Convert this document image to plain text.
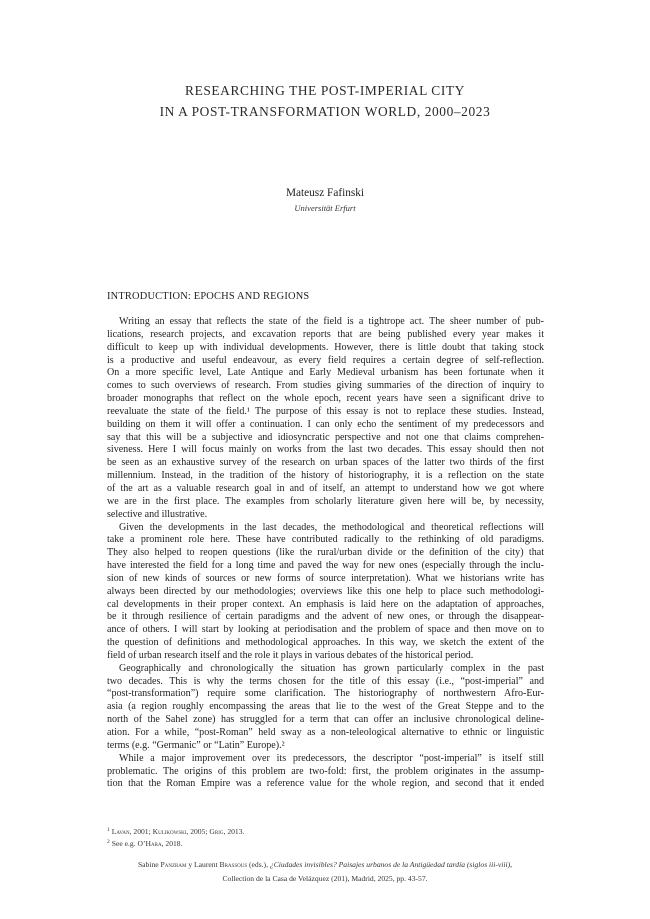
RESEARCHING THE POST-IMPERIAL CITY
IN A POST-TRANSFORMATION WORLD, 2000–2023
Mateusz Fafinski
Universität Erfurt
INTRODUCTION: EPOCHS AND REGIONS
Writing an essay that reflects the state of the field is a tightrope act. The sheer number of pub-
lications, research projects, and excavation reports that are being published every year makes it
difficult to keep up with individual developments. However, there is little doubt that taking stock
is a productive and useful endeavour, as every field requires a certain degree of self-reflection.
On a more specific level, Late Antique and Early Medieval urbanism has been fortunate when it
comes to such overviews of research. From studies giving summaries of the direction of inquiry to
broader monographs that reflect on the whole epoch, recent years have seen a significant drive to
reevaluate the state of the field.¹ The purpose of this essay is not to replace these studies. Instead,
building on them it will offer a continuation. I can only echo the sentiment of my predecessors and
say that this will be a subjective and idiosyncratic perspective and not one that claims comprehen-
siveness. Here I will focus mainly on works from the last two decades. This essay should then not
be seen as an exhaustive survey of the research on urban spaces of the latter two thirds of the first
millennium. Instead, in the tradition of the history of historiography, it is a reflection on the state
of the art as a valuable research goal in and of itself, an attempt to understand how we got where
we are in the first place. The examples from scholarly literature given here will be, by necessity,
selective and illustrative.
Given the developments in the last decades, the methodological and theoretical reflections will
take a prominent role here. These have contributed radically to the rethinking of old paradigms.
They also helped to reopen questions (like the rural/urban divide or the definition of the city) that
have interested the field for a long time and paved the way for new ones (especially through the inclu-
sion of new kinds of sources or new forms of source interpretation). What we historians write has
always been directed by our methodologies; overviews like this one help to place such methodologi-
cal developments in their proper context. An emphasis is laid here on the adaptation of approaches,
be it through resilience of certain paradigms and the advent of new ones, or through the disappear-
ance of others. I will start by looking at periodisation and the problem of space and then move on to
the question of definitions and methodological approaches. In this way, we sketch the extent of the
field of urban research itself and the role it plays in various debates of the historical period.
Geographically and chronologically the situation has grown particularly complex in the past
two decades. This is why the terms chosen for the title of this essay (i.e., “post-imperial” and
“post-transformation”) require some clarification. The historiography of northwestern Afro-Eur-
asia (a region roughly encompassing the areas that lie to the west of the Great Steppe and to the
north of the Sahel zone) has struggled for a term that can offer an inclusive chronological deline-
ation. For a while, “post-Roman” held sway as a non-teleological alternative to ethnic or linguistic
terms (e.g. “Germanic” or “Latin” Europe).²
While a major improvement over its predecessors, the descriptor “post-imperial” is itself still
problematic. The origins of this problem are two-fold: first, the problem originates in the assump-
tion that the Roman Empire was a reference value for the whole region, and second that it ended
$^1$ Lavan, 2001; Kulikowski, 2005; Grig, 2013.
$^2$ See e.g. O’Hara, 2018.
Sabine Panzram y Laurent Brassous (eds.), ¿Ciudades invisibles? Paisajes urbanos de la Antigüedad tardía (siglos iii-viii),
Collection de la Casa de Velázquez (201), Madrid, 2025, pp. 43-57.
